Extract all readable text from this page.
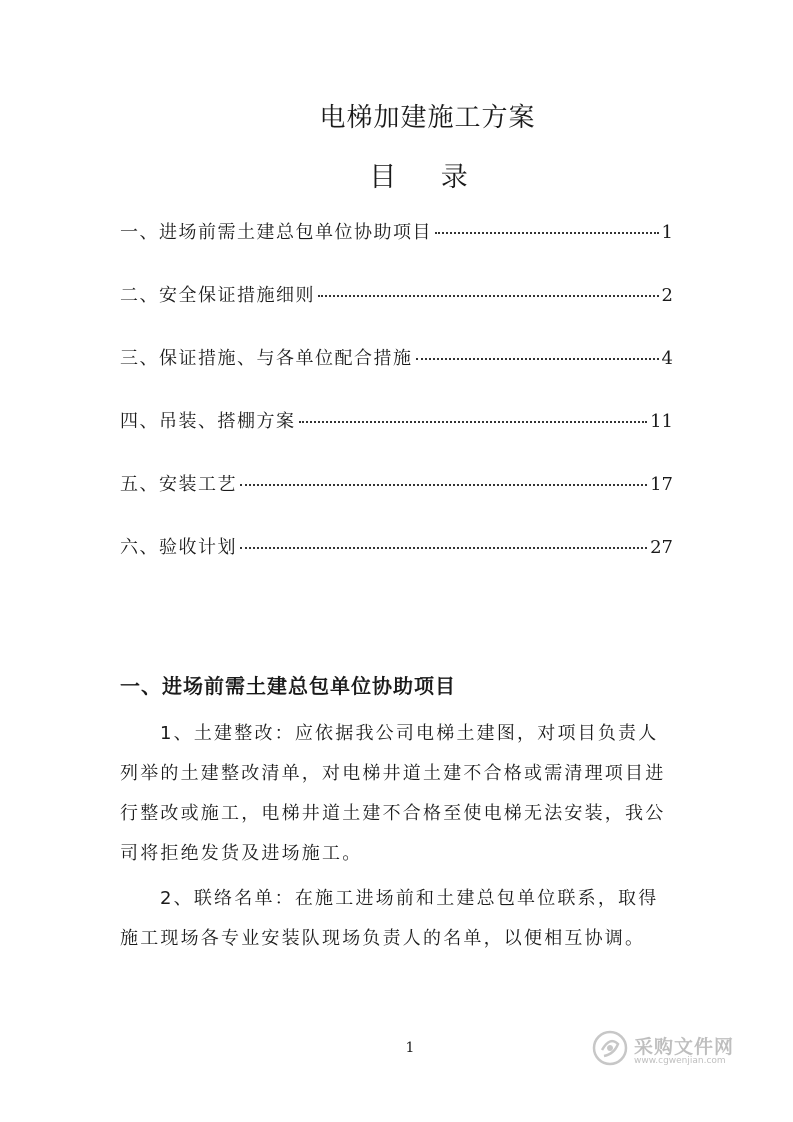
电梯加建施工方案
目 录
一、进场前需土建总包单位协助项目	1
二、安全保证措施细则	2
三、保证措施、与各单位配合措施	4
四、吊装、搭棚方案	11
五、安装工艺	17
六、验收计划	27
一、进场前需土建总包单位协助项目

1、土建整改：应依据我公司电梯土建图，对项目负责人列举的土建整改清单，对电梯井道土建不合格或需清理项目进行整改或施工，电梯井道土建不合格至使电梯无法安装，我公司将拒绝发货及进场施工。

2、联络名单：在施工进场前和土建总包单位联系，取得施工现场各专业安装队现场负责人的名单，以便相互协调。

1	采购文件网
www.cgwenjian.com
